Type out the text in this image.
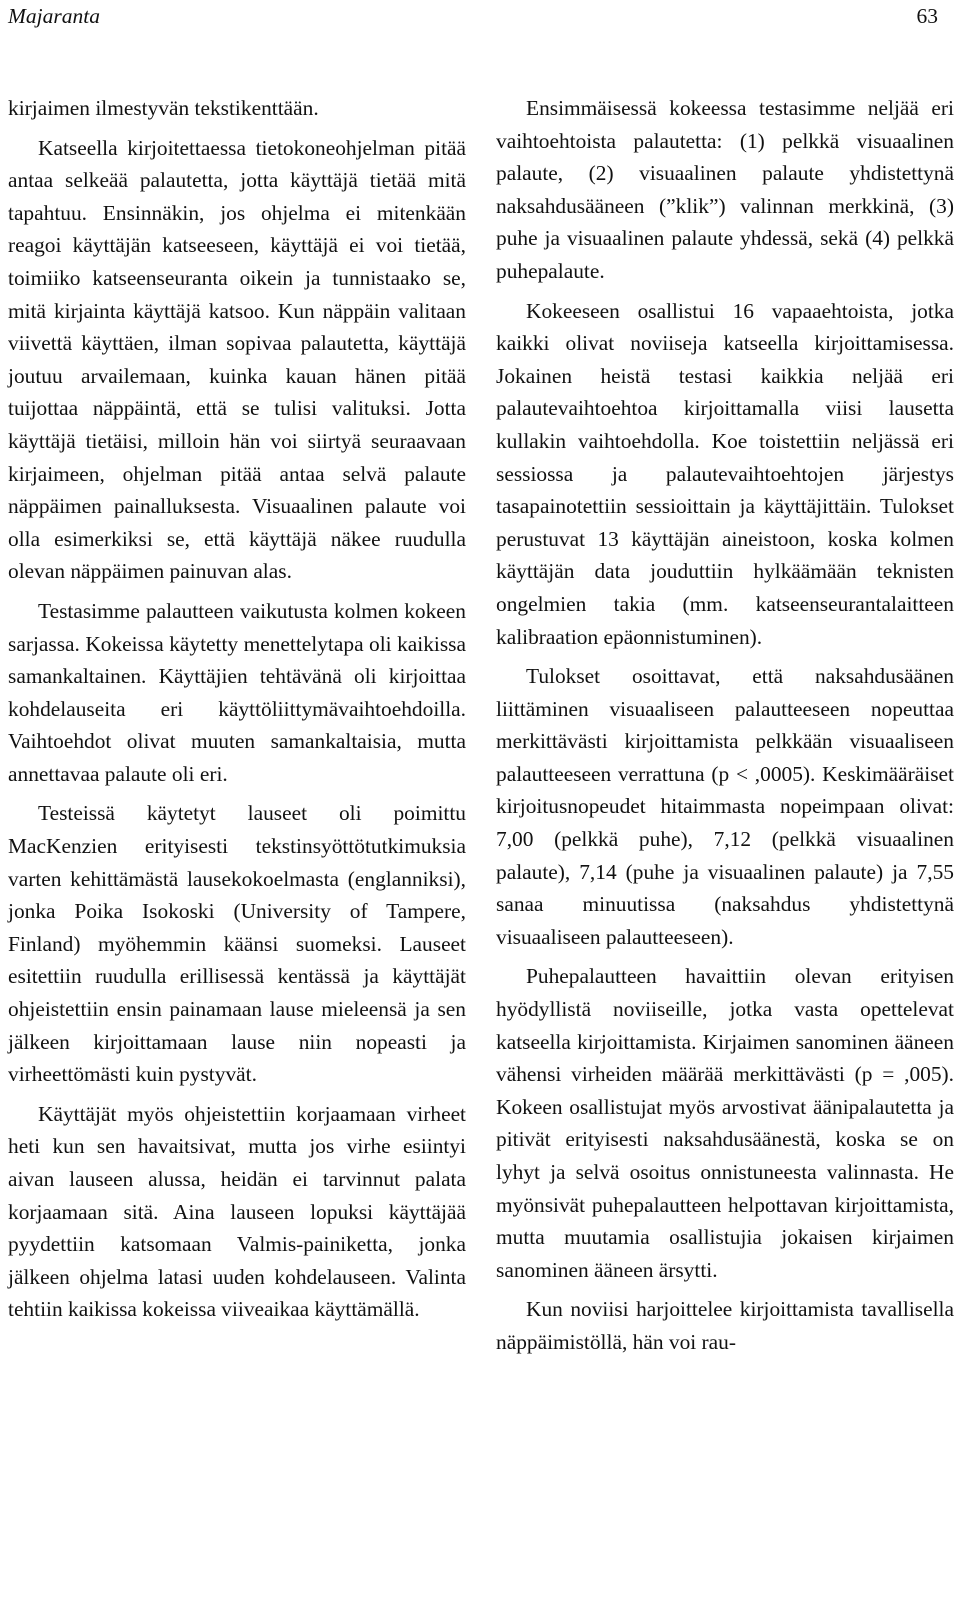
Majaranta	63

kirjaimen ilmestyvän tekstikenttään.

Katseella kirjoitettaessa tietokoneohjelman pitää antaa selkeää palautetta, jotta käyttäjä tietää mitä tapahtuu. Ensinnäkin, jos ohjelma ei mitenkään reagoi käyttäjän katseeseen, käyttäjä ei voi tietää, toimiiko katseenseuranta oikein ja tunnistaako se, mitä kirjainta käyttäjä katsoo. Kun näppäin valitaan viivettä käyttäen, ilman sopivaa palautetta, käyttäjä joutuu arvailemaan, kuinka kauan hänen pitää tuijottaa näppäintä, että se tulisi valituksi. Jotta käyttäjä tietäisi, milloin hän voi siirtyä seuraavaan kirjaimeen, ohjelman pitää antaa selvä palaute näppäimen painalluksesta. Visuaalinen palaute voi olla esimerkiksi se, että käyttäjä näkee ruudulla olevan näppäimen painuvan alas.

Testasimme palautteen vaikutusta kolmen kokeen sarjassa. Kokeissa käytetty menettelytapa oli kaikissa samankaltainen. Käyttäjien tehtävänä oli kirjoittaa kohdelauseita eri käyttöliittymävaihtoehdoilla. Vaihtoehdot olivat muuten samankaltaisia, mutta annettavaa palaute oli eri.

Testeissä käytetyt lauseet oli poimittu MacKenzien erityisesti tekstinsyöttötutkimuksia varten kehittämästä lausekokoelmasta (englanniksi), jonka Poika Isokoski (University of Tampere, Finland) myöhemmin käänsi suomeksi. Lauseet esitettiin ruudulla erillisessä kentässä ja käyttäjät ohjeistettiin ensin painamaan lause mieleensä ja sen jälkeen kirjoittamaan lause niin nopeasti ja virheettömästi kuin pystyvät.

Käyttäjät myös ohjeistettiin korjaamaan virheet heti kun sen havaitsivat, mutta jos virhe esiintyi aivan lauseen alussa, heidän ei tarvinnut palata korjaamaan sitä. Aina lauseen lopuksi käyttäjää pyydettiin katsomaan Valmis-painiketta, jonka jälkeen ohjelma latasi uuden kohdelauseen. Valinta tehtiin kaikissa kokeissa viiveaikaa käyttämällä.

Ensimmäisessä kokeessa testasimme neljää eri vaihtoehtoista palautetta: (1) pelkkä visuaalinen palaute, (2) visuaalinen palaute yhdistettynä naksahdusääneen (”klik”) valinnan merkkinä, (3) puhe ja visuaalinen palaute yhdessä, sekä (4) pelkkä puhepalaute.

Kokeeseen osallistui 16 vapaaehtoista, jotka kaikki olivat noviiseja katseella kirjoittamisessa. Jokainen heistä testasi kaikkia neljää eri palautevaihtoehtoa kirjoittamalla viisi lausetta kullakin vaihtoehdolla. Koe toistettiin neljässä eri sessiossa ja palautevaihtoehtojen järjestys tasapainotettiin sessioittain ja käyttäjittäin. Tulokset perustuvat 13 käyttäjän aineistoon, koska kolmen käyttäjän data jouduttiin hylkäämään teknisten ongelmien takia (mm. katseenseurantalaitteen kalibraation epäonnistuminen).

Tulokset osoittavat, että naksahdusäänen liittäminen visuaaliseen palautteeseen nopeuttaa merkittävästi kirjoittamista pelkkään visuaaliseen palautteeseen verrattuna (p < ,0005). Keskimääräiset kirjoitusnopeudet hitaimmasta nopeimpaan olivat: 7,00 (pelkkä puhe), 7,12 (pelkkä visuaalinen palaute), 7,14 (puhe ja visuaalinen palaute) ja 7,55 sanaa minuutissa (naksahdus yhdistettynä visuaaliseen palautteeseen).

Puhepalautteen havaittiin olevan erityisen hyödyllistä noviiseille, jotka vasta opettelevat katseella kirjoittamista. Kirjaimen sanominen ääneen vähensi virheiden määrää merkittävästi (p = ,005). Kokeen osallistujat myös arvostivat äänipalautetta ja pitivät erityisesti naksahdusäänestä, koska se on lyhyt ja selvä osoitus onnistuneesta valinnasta. He myönsivät puhepalautteen helpottavan kirjoittamista, mutta muutamia osallistujia jokaisen kirjaimen sanominen ääneen ärsytti.

Kun noviisi harjoittelee kirjoittamista tavallisella näppäimistöllä, hän voi rau-
